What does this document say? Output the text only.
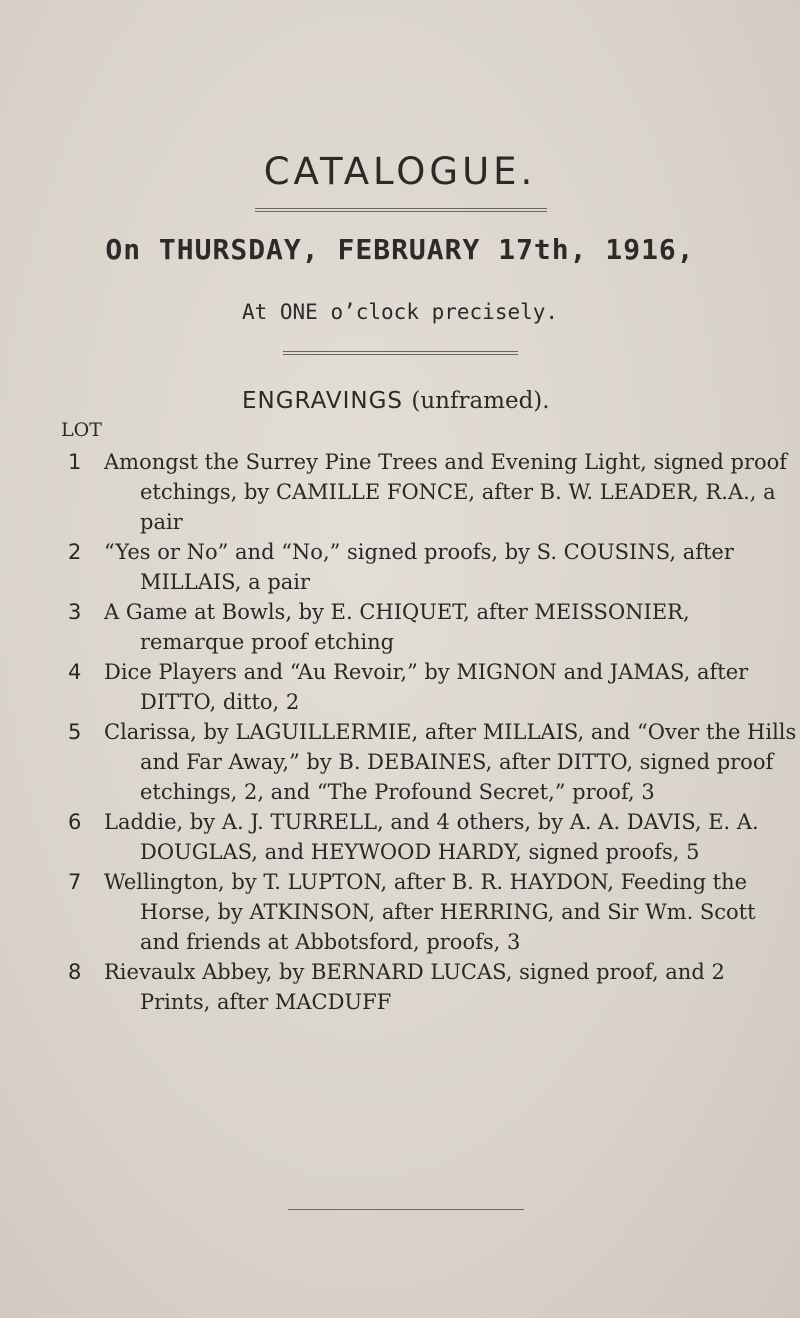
CATALOGUE.
On THURSDAY, FEBRUARY 17th, 1916,
At ONE o’clock precisely.
ENGRAVINGS (unframed).
LOT
1	Amongst the Surrey Pine Trees and Evening Light, signed proof etchings, by CAMILLE FONCE, after B. W. LEADER, R.A., a pair
2	“Yes or No” and “No,” signed proofs, by S. COUSINS, after MILLAIS, a pair
3	A Game at Bowls, by E. CHIQUET, after MEISSONIER, remarque proof etching
4	Dice Players and “Au Revoir,” by MIGNON and JAMAS, after DITTO, ditto, 2
5	Clarissa, by LAGUILLERMIE, after MILLAIS, and “Over the Hills and Far Away,” by B. DEBAINES, after DITTO, signed proof etchings, 2, and “The Profound Secret,” proof, 3
6	Laddie, by A. J. TURRELL, and 4 others, by A. A. DAVIS, E. A. DOUGLAS, and HEYWOOD HARDY, signed proofs, 5
7	Wellington, by T. LUPTON, after B. R. HAYDON, Feeding the Horse, by ATKINSON, after HERRING, and Sir Wm. Scott and friends at Abbotsford, proofs, 3
8	Rievaulx Abbey, by BERNARD LUCAS, signed proof, and 2 Prints, after MACDUFF
